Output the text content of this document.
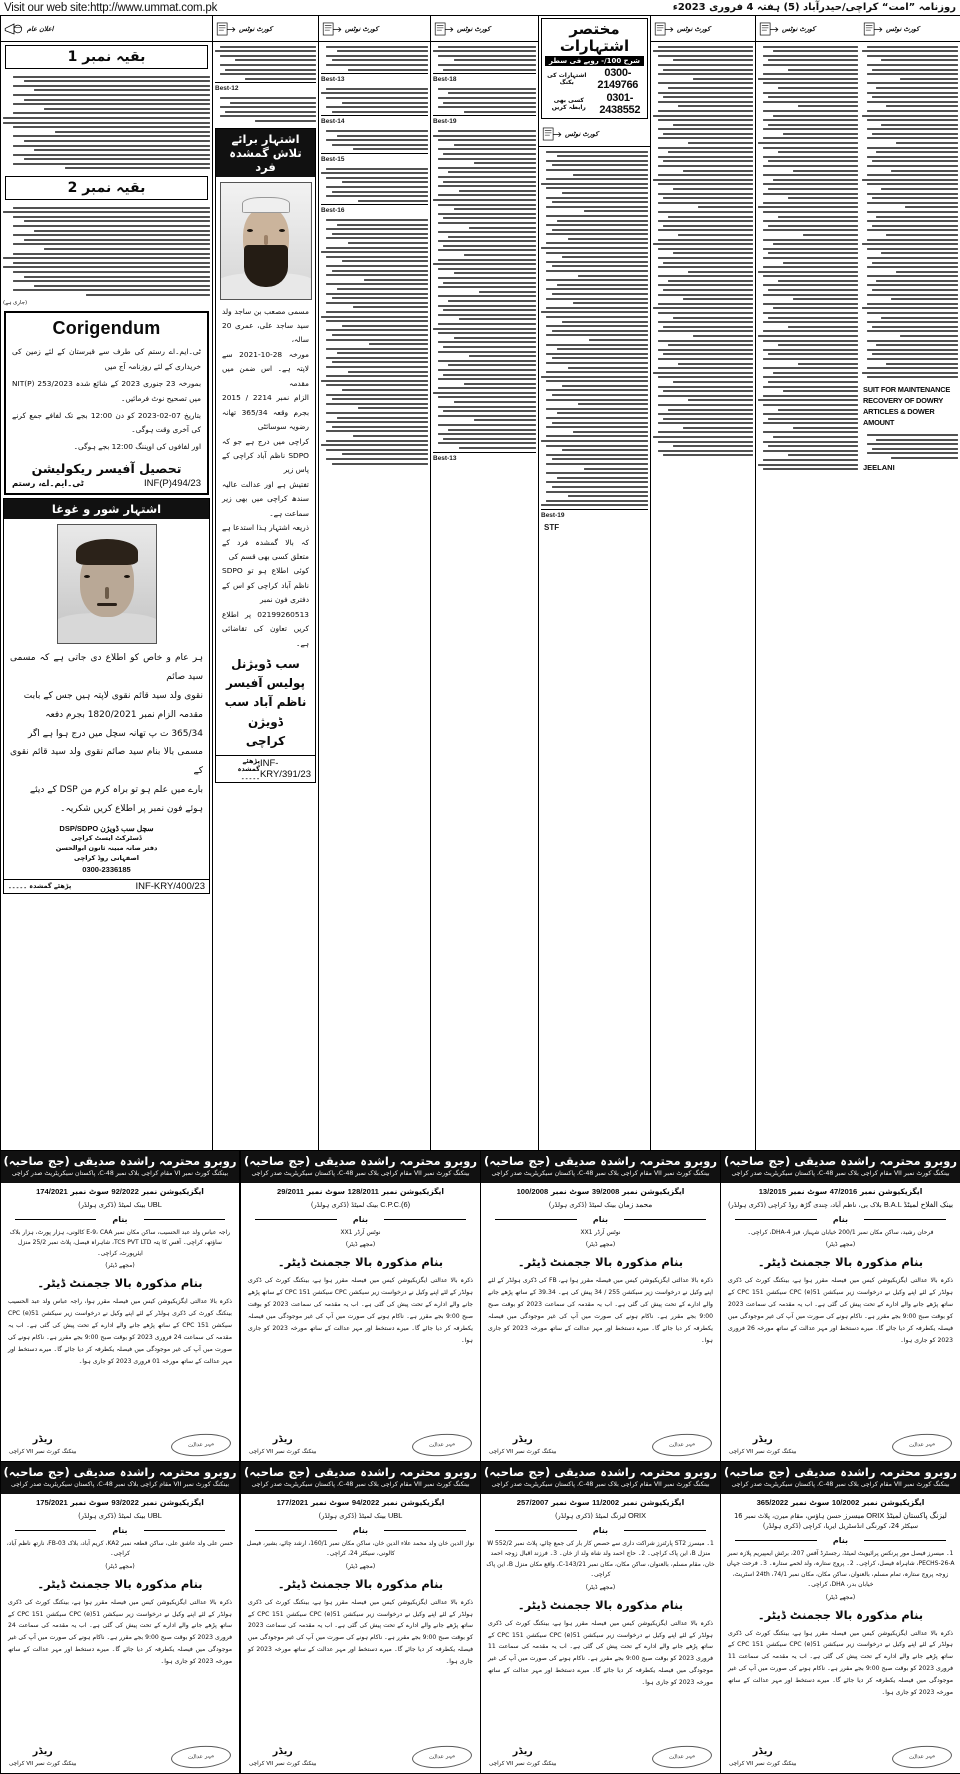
Visit our web site:http://www.ummat.com.pk	روزنامہ ”امت“ کراچی/حیدرآباد (5) ہفتہ 4 فروری 2023ء
اعلان عام
بقیہ نمبر 1
بقیہ نمبر 2
(جاری ہے)
Corigendum
ٹی۔ایم۔اے رستم کی طرف سے قبرستان کے لئے زمین کی خریداری کے لئے روزنامہ آج میں
بمورخہ 23 جنوری 2023 کے شائع شدہ NIT(P) 253/2023 میں تصحیح نوٹ فرمائیں۔
بتاریخ 07-02-2023 کو دن 12:00 بجے تک لفافے جمع کرنے کی آخری وقت ہوگی۔
اور لفافوں کی اوپننگ 12:00 بجے ہوگی۔
تحصیل آفیسر ریکولیشن
ٹی۔ایم۔اے، رستم	INF(P)494/23
اشتہار شور و غوغا
ہر عام و خاص کو اطلاع دی جاتی ہے کہ مسمی سید صائم
نقوی ولد سید قائم نقوی لاپتہ ہیں جس کے بابت
مقدمہ الزام نمبر 1820/2021 بجرم دفعہ
365/34 ت پ تھانہ سچل میں درج ہوا ہے اگر
مسمی بالا بنام سید صائم نقوی ولد سید قائم نقوی کے
بارے میں علم ہو تو براہ کرم من DSP کے دیئے
ہوئے فون نمبر پر اطلاع کریں شکریہ۔
DSP/SDPO سچل سب ڈویژن
ڈسٹرکٹ ایسٹ کراچی
دفتر صانہ مبینہ ثانون ابوالحسن
اصفہانی روڈ کراچی
0300-2336185
پڑھئے گمشدہ ۔۔۔۔۔	INF-KRY/400/23
کورٹ نوٹس
Best-12
اشتہار برائے تلاش گمشدہ فرد
مسمی مصعب بن ساجد ولد سید ساجد علی، عمری 20 سالہ،
مورخہ 28-10-2021 سے لاپتہ ہے۔ اس ضمن میں مقدمہ
الزام نمبر 2214 / 2015 بجرم وقعہ 365/34 تھانہ رضویہ سوسائٹی
کراچی میں درج ہے جو کہ SDPO ناظم آباد کراچی کے پاس زیر
تفتیش ہے اور عدالت عالیہ سندھ کراچی میں بھی زیر سماعت ہے۔
ذریعہ اشتہار ہذا استدعا ہے کہ بالا گمشدہ فرد کے متعلق کسی بھی قسم کی
کوئی اطلاع ہو تو SDPO ناظم آباد کراچی کو اس کے دفتری فون نمبر
02199260513 پر اطلاع کریں تعاون کی تقاضائی ہے۔
سب ڈویژنل پولیس آفیسر
ناظم آباد سب ڈویژن
کراچی
پڑھئے گمشدہ ۔۔۔۔۔
INF-KRY/391/23
کورٹ نوٹس
Best-13
Best-14
Best-15
Best-16
کورٹ نوٹس
Best-18
Best-19
Best-13
مختصر اشتہارات
شرح 100/- روپے فی سطر
اشتہارات کی بکنگ
0300-2149766
کسی بھی رابطہ کریں
0301-2438552
کورٹ نوٹس
Best-19
STF
کورٹ نوٹس	کورٹ نوٹس	کورٹ نوٹس
SUIT FOR MAINTENANCE
RECOVERY OF DOWRY
ARTICLES & DOWER
AMOUNT
JEELANI
روبرو محترمہ راشدہ صدیقی (جج صاحبہ)
بینکنگ کورٹ نمبر VI مقام کراچی بلاک نمبر 48-C، پاکستان سیکریٹریٹ صدر کراچی
ایگزیکیوشن نمبر 92/2022 سوٹ نمبر 174/2021
UBL بینک لمیٹڈ (ڈکری ہولڈر)
بنام
راجہ عباس ولد عبد الحسیب، ساکن مکان نمبر E-9، CAA کالونی، ہزار پورٹ، ہزار بلاک ساؤتھ، کراچی۔ آفس کا پتہ TCS PVT LTD، شاہراہ فیصل، پلاٹ نمبر 25/2 منزل ایئرپورٹ، کراچی۔
(مجھے ڈیٹر)
بنام مذکورہ بالا ججمنٹ ڈیٹر۔
ذکرہ بالا عدالتی ایگزیکیوشن کیس میں فیصلہ مقرر ہوا، راجہ عباس ولد عبد الحسیب بینکنگ کورٹ کی ڈکری ہولڈر کے لئے اپنے وکیل نے درخواست زیر سیکشن 51(e) CPC سیکشن 151 CPC کے ساتھ پڑھے جانے والے ادارے کے تحت پیش کی گئی ہے۔ اب یہ مقدمہ کی سماعت 24 فروری 2023 کو بوقت صبح 9:00 بجے مقرر ہے۔ ناکام ہونے کی صورت میں آپ کی غیر موجودگی میں فیصلہ یکطرفہ کر دیا جائے گا۔ میرے دستخط اور مہر عدالت کے ساتھ مورخہ 01 فروری 2023 کو جاری ہوا۔
ریڈر
بینکنگ کورٹ نمبر VII کراچی
مہر عدالت
روبرو محترمہ راشدہ صدیقی (جج صاحبہ)
بینکنگ کورٹ نمبر VII مقام کراچی بلاک نمبر 48-C، پاکستان سیکریٹریٹ صدر کراچی
ایگزیکیوشن نمبر 128/2011 سوٹ نمبر 29/2011
C.P.C.(6) بینک لمیٹڈ (ڈکری ہولڈر)
بنام
نوٹس آرڈر XX1
(مجھے ڈیٹر)
بنام مذکورہ بالا ججمنٹ ڈیٹر۔
ذکرہ بالا عدالتی ایگزیکیوشن کیس میں فیصلہ مقرر ہوا ہے، بینکنگ کورٹ کی ڈکری ہولڈر کے لئے اپنے وکیل نے درخواست زیر سیکشن CPC سیکشن 151 CPC کے ساتھ پڑھے جانے والے ادارے کے تحت پیش کی گئی ہے۔ اب یہ مقدمہ کی سماعت 2023 کو بوقت صبح 9:00 بجے مقرر ہے۔ ناکام ہونے کی صورت میں آپ کی غیر موجودگی میں فیصلہ یکطرفہ کر دیا جائے گا۔ میرے دستخط اور مہر عدالت کے ساتھ مورخہ 2023 کو جاری ہوا۔
ریڈر
بینکنگ کورٹ نمبر VII کراچی
مہر عدالت
روبرو محترمہ راشدہ صدیقی (جج صاحبہ)
بینکنگ کورٹ نمبر VII مقام کراچی بلاک نمبر 48-C، پاکستان سیکریٹریٹ صدر کراچی
ایگزیکیوشن نمبر 39/2008 سوٹ نمبر 100/2008
محمد زمان بینک لمیٹڈ (ڈکری ہولڈر)
بنام
نوٹس آرڈر XX1
(مجھے ڈیٹر)
بنام مذکورہ بالا ججمنٹ ڈیٹر۔
ذکرہ بالا عدالتی ایگزیکیوشن کیس میں فیصلہ مقرر ہوا ہے، FB کی ڈکری ہولڈر کے لئے اپنے وکیل نے درخواست زیر سیکشن 255 / 34 پیش کی ہے۔ 39.34 کے ساتھ پڑھے جانے والے ادارے کے تحت پیش کی گئی ہے۔ اب یہ مقدمہ کی سماعت 2023 کو بوقت صبح 9:00 بجے مقرر ہے۔ ناکام ہونے کی صورت میں آپ کی غیر موجودگی میں فیصلہ یکطرفہ کر دیا جائے گا۔ میرے دستخط اور مہر عدالت کے ساتھ مورخہ 2023 کو جاری ہوا۔
ریڈر
بینکنگ کورٹ نمبر VII کراچی
مہر عدالت
روبرو محترمہ راشدہ صدیقی (جج صاحبہ)
بینکنگ کورٹ نمبر VII مقام کراچی بلاک نمبر 48-C، پاکستان سیکریٹریٹ صدر کراچی
ایگزیکیوشن نمبر 47/2016 سوٹ نمبر 13/2015
B.A.L بینک الفلاح لمیٹڈ بلاک بی، ناظم آباد، چندی گڑھ روڈ کراچی (ڈکری ہولڈر)
بنام
فرحان رشید، ساکن مکان نمبر 200/1 خیابان شہباز، فیز DHA-4، کراچی۔
(مجھے ڈیٹر)
بنام مذکورہ بالا ججمنٹ ڈیٹر۔
ذکرہ بالا عدالتی ایگزیکیوشن کیس میں فیصلہ مقرر ہوا ہے، بینکنگ کورٹ کی ڈکری ہولڈر کے لئے اپنے وکیل نے درخواست زیر سیکشن 51(e) CPC سیکشن 151 CPC کے ساتھ پڑھے جانے والے ادارے کے تحت پیش کی گئی ہے۔ اب یہ مقدمہ کی سماعت 2023 کو بوقت صبح 9:00 بجے مقرر ہے۔ ناکام ہونے کی صورت میں آپ کی غیر موجودگی میں فیصلہ یکطرفہ کر دیا جائے گا۔ میرے دستخط اور مہر عدالت کے ساتھ مورخہ 26 فروری 2023 کو جاری ہوا۔
ریڈر
بینکنگ کورٹ نمبر VII کراچی
مہر عدالت
روبرو محترمہ راشدہ صدیقی (جج صاحبہ)
بینکنگ کورٹ نمبر VII مقام کراچی بلاک نمبر 48-C، پاکستان سیکریٹریٹ صدر کراچی
ایگزیکیوشن نمبر 93/2022 سوٹ نمبر 175/2021
UBL بینک لمیٹڈ (ڈکری ہولڈر)
بنام
حسن علی ولد عاشق علی، ساکن قطعہ نمبر KA2، کریم آباد، بلاک FB-03، نارتھ ناظم آباد، کراچی۔
(مجھے ڈیٹر)
بنام مذکورہ بالا ججمنٹ ڈیٹر۔
ذکرہ بالا عدالتی ایگزیکیوشن کیس میں فیصلہ مقرر ہوا ہے، بینکنگ کورٹ کی ڈکری ہولڈر کے لئے اپنے وکیل نے درخواست زیر سیکشن 51(e) CPC سیکشن 151 CPC کے ساتھ پڑھے جانے والے ادارے کے تحت پیش کی گئی ہے۔ اب یہ مقدمہ کی سماعت 24 فروری 2023 کو بوقت صبح 9:00 بجے مقرر ہے۔ ناکام ہونے کی صورت میں آپ کی غیر موجودگی میں فیصلہ یکطرفہ کر دیا جائے گا۔ میرے دستخط اور مہر عدالت کے ساتھ مورخہ 2023 کو جاری ہوا۔
ریڈر
بینکنگ کورٹ نمبر VII کراچی
مہر عدالت
روبرو محترمہ راشدہ صدیقی (جج صاحبہ)
بینکنگ کورٹ نمبر VII مقام کراچی بلاک نمبر 48-C، پاکستان سیکریٹریٹ صدر کراچی
ایگزیکیوشن نمبر 94/2022 سوٹ نمبر 177/2021
UBL بینک لمیٹڈ (ڈکری ہولڈر)
بنام
نواز الدین خان ولد محمد علاء الدین خان، ساکن مکان نمبر 160/1، ارشد چائے، بشیر، فیصل کالونی، سیکٹر 24، کراچی۔
(مجھے ڈیٹر)
بنام مذکورہ بالا ججمنٹ ڈیٹر۔
ذکرہ بالا عدالتی ایگزیکیوشن کیس میں فیصلہ مقرر ہوا ہے، بینکنگ کورٹ کی ڈکری ہولڈر کے لئے اپنے وکیل نے درخواست زیر سیکشن 51(e) CPC سیکشن 151 CPC کے ساتھ پڑھے جانے والے ادارے کے تحت پیش کی گئی ہے۔ اب یہ مقدمہ کی سماعت 2023 کو بوقت صبح 9:00 بجے مقرر ہے۔ ناکام ہونے کی صورت میں آپ کی غیر موجودگی میں فیصلہ یکطرفہ کر دیا جائے گا۔ میرے دستخط اور مہر عدالت کے ساتھ مورخہ 2023 کو جاری ہوا۔
ریڈر
بینکنگ کورٹ نمبر VII کراچی
مہر عدالت
روبرو محترمہ راشدہ صدیقی (جج صاحبہ)
بینکنگ کورٹ نمبر VII مقام کراچی بلاک نمبر 48-C، پاکستان سیکریٹریٹ صدر کراچی
ایگزیکیوشن نمبر 11/2002 سوٹ نمبر 257/2007
ORIX لیزنگ لمیٹڈ (ڈکری ہولڈر)
بنام
1۔ میسرز ST2 پارٹنرز شراکت داری سے حصص کار بار کی جمع چائے، پلاٹ نمبر W 552/2 منزل B، این پاک کراچی۔ 2۔ حاج احمد ولد شاہ ولد از خان۔ 3۔ فرزند اقبال زوجہ احمد خان، مقام مسلم، بالعنوان، ساکن مکان، مکان نمبر C-143/21، واقع مکان منزل B، این پاک کراچی۔
(مجھے ڈیٹر)
بنام مذکورہ بالا ججمنٹ ڈیٹر۔
ذکرہ بالا عدالتی ایگزیکیوشن کیس میں فیصلہ مقرر ہوا ہے، بینکنگ کورٹ کی ڈکری ہولڈر کے لئے اپنے وکیل نے درخواست زیر سیکشن 51(e) CPC سیکشن 151 CPC کے ساتھ پڑھے جانے والے ادارے کے تحت پیش کی گئی ہے۔ اب یہ مقدمہ کی سماعت 11 فروری 2023 کو بوقت صبح 9:00 بجے مقرر ہے۔ ناکام ہونے کی صورت میں آپ کی غیر موجودگی میں فیصلہ یکطرفہ کر دیا جائے گا۔ میرے دستخط اور مہر عدالت کے ساتھ مورخہ 2023 کو جاری ہوا۔
ریڈر
بینکنگ کورٹ نمبر VII کراچی
مہر عدالت
روبرو محترمہ راشدہ صدیقی (جج صاحبہ)
بینکنگ کورٹ نمبر VII مقام کراچی بلاک نمبر 48-C، پاکستان سیکریٹریٹ صدر کراچی
ایگزیکیوشن نمبر 10/2002 سوٹ نمبر 365/2022
میسرز ORIX لیزنگ پاکستان لمیٹڈ حسن ہاؤس، مقام میرن، پلاٹ نمبر 16 سیکٹر 24، کورنگی انڈسٹریل ایریا، کراچی (ڈکری ہولڈر)
بنام
1۔ میسرز فیصل مور پرنکس پرائیویٹ لمیٹڈ، رجسٹرڈ آفس 207، برٹش ایمپیریم پلازہ نمبر PECHS-26-A، شاہراہ فیصل، کراچی۔ 2۔ پروج ستارہ، ولد لحمے ستارہ۔ 3۔ فرحت جہاں زوجہ پروج ستارہ، تمام مسلم، بالعنوان، ساکن مکان، مکان نمبر 74/1، 24th اسٹریٹ، خیابان بدر، DHA، کراچی۔
(مجھے ڈیٹر)
بنام مذکورہ بالا ججمنٹ ڈیٹر۔
ذکرہ بالا عدالتی ایگزیکیوشن کیس میں فیصلہ مقرر ہوا ہے، بینکنگ کورٹ کی ڈکری ہولڈر کے لئے اپنے وکیل نے درخواست زیر سیکشن 51(e) CPC سیکشن 151 CPC کے ساتھ پڑھے جانے والے ادارے کے تحت پیش کی گئی ہے۔ اب یہ مقدمہ کی سماعت 11 فروری 2023 کو بوقت صبح 9:00 بجے مقرر ہے۔ ناکام ہونے کی صورت میں آپ کی غیر موجودگی میں فیصلہ یکطرفہ کر دیا جائے گا۔ میرے دستخط اور مہر عدالت کے ساتھ مورخہ 2023 کو جاری ہوا۔
ریڈر
بینکنگ کورٹ نمبر VII کراچی
مہر عدالت
